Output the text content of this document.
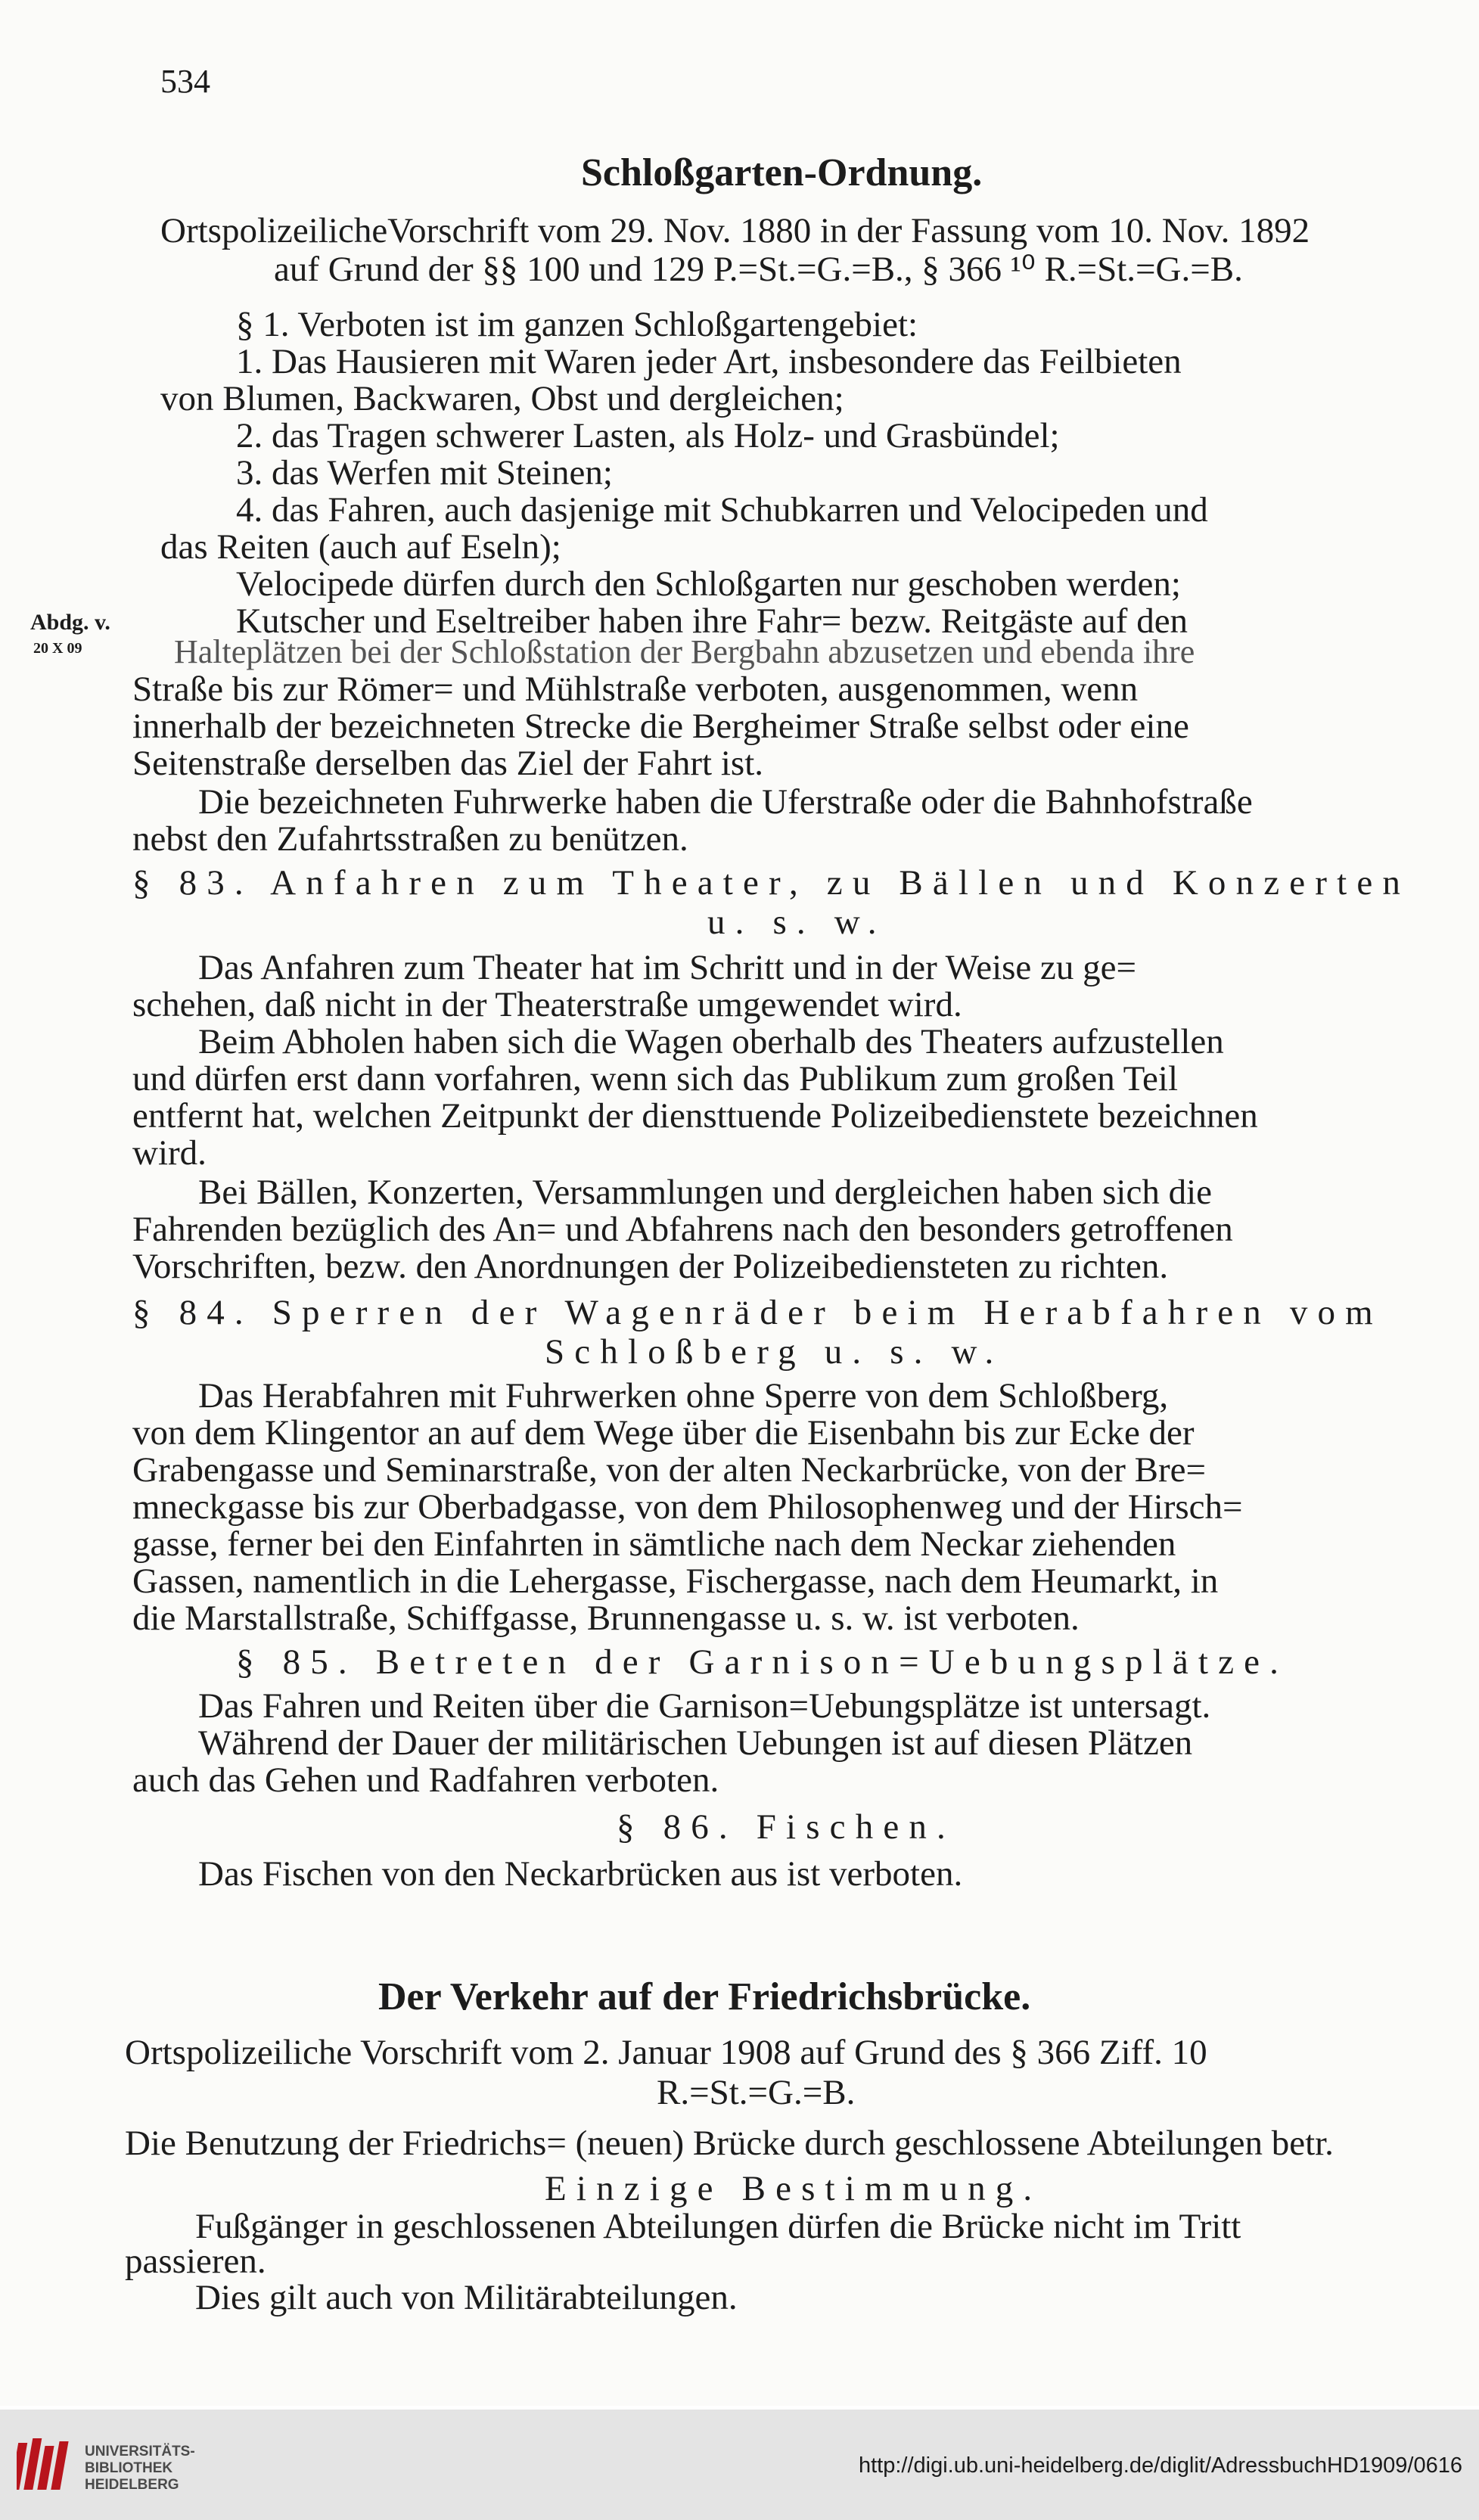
534
Schloßgarten-Ordnung.
OrtspolizeilicheVorschrift vom 29. Nov. 1880 in der Fassung vom 10. Nov. 1892
auf Grund der §§ 100 und 129 P.=St.=G.=B., § 366 ¹⁰ R.=St.=G.=B.
§ 1. Verboten ist im ganzen Schloßgartengebiet:
1. Das Hausieren mit Waren jeder Art, insbesondere das Feilbieten
von Blumen, Backwaren, Obst und dergleichen;
2. das Tragen schwerer Lasten, als Holz- und Grasbündel;
3. das Werfen mit Steinen;
4. das Fahren, auch dasjenige mit Schubkarren und Velocipeden und
das Reiten (auch auf Eseln);
Velocipede dürfen durch den Schloßgarten nur geschoben werden;
Kutscher und Eseltreiber haben ihre Fahr= bezw. Reitgäste auf den
Halteplätzen bei der Schloßstation der Bergbahn abzusetzen und ebenda ihre
Straße bis zur Römer= und Mühlstraße verboten, ausgenommen, wenn
innerhalb der bezeichneten Strecke die Bergheimer Straße selbst oder eine
Seitenstraße derselben das Ziel der Fahrt ist.
Die bezeichneten Fuhrwerke haben die Uferstraße oder die Bahnhofstraße
nebst den Zufahrtsstraßen zu benützen.
§ 83. Anfahren zum Theater, zu Bällen und Konzerten
u. s. w.
Das Anfahren zum Theater hat im Schritt und in der Weise zu ge=
schehen, daß nicht in der Theaterstraße umgewendet wird.
Beim Abholen haben sich die Wagen oberhalb des Theaters aufzustellen
und dürfen erst dann vorfahren, wenn sich das Publikum zum großen Teil
entfernt hat, welchen Zeitpunkt der diensttuende Polizeibedienstete bezeichnen
wird.
Bei Bällen, Konzerten, Versammlungen und dergleichen haben sich die
Fahrenden bezüglich des An= und Abfahrens nach den besonders getroffenen
Vorschriften, bezw. den Anordnungen der Polizeibediensteten zu richten.
§ 84. Sperren der Wagenräder beim Herabfahren vom
Schloßberg u. s. w.
Das Herabfahren mit Fuhrwerken ohne Sperre von dem Schloßberg,
von dem Klingentor an auf dem Wege über die Eisenbahn bis zur Ecke der
Grabengasse und Seminarstraße, von der alten Neckarbrücke, von der Bre=
mneckgasse bis zur Oberbadgasse, von dem Philosophenweg und der Hirsch=
gasse, ferner bei den Einfahrten in sämtliche nach dem Neckar ziehenden
Gassen, namentlich in die Lehergasse, Fischergasse, nach dem Heumarkt, in
die Marstallstraße, Schiffgasse, Brunnengasse u. s. w. ist verboten.
§ 85. Betreten der Garnison=Uebungsplätze.
Das Fahren und Reiten über die Garnison=Uebungsplätze ist untersagt.
Während der Dauer der militärischen Uebungen ist auf diesen Plätzen
auch das Gehen und Radfahren verboten.
§ 86. Fischen.
Das Fischen von den Neckarbrücken aus ist verboten.
Der Verkehr auf der Friedrichsbrücke.
Ortspolizeiliche Vorschrift vom 2. Januar 1908 auf Grund des § 366 Ziff. 10
R.=St.=G.=B.
Die Benutzung der Friedrichs= (neuen) Brücke durch geschlossene Abteilungen betr.
Einzige Bestimmung.
Fußgänger in geschlossenen Abteilungen dürfen die Brücke nicht im Tritt
passieren.
Dies gilt auch von Militärabteilungen.
Abdg. v.
20 X 09
UNIVERSITÄTS-
BIBLIOTHEK
HEIDELBERG
http://digi.ub.uni-heidelberg.de/diglit/AdressbuchHD1909/0616
